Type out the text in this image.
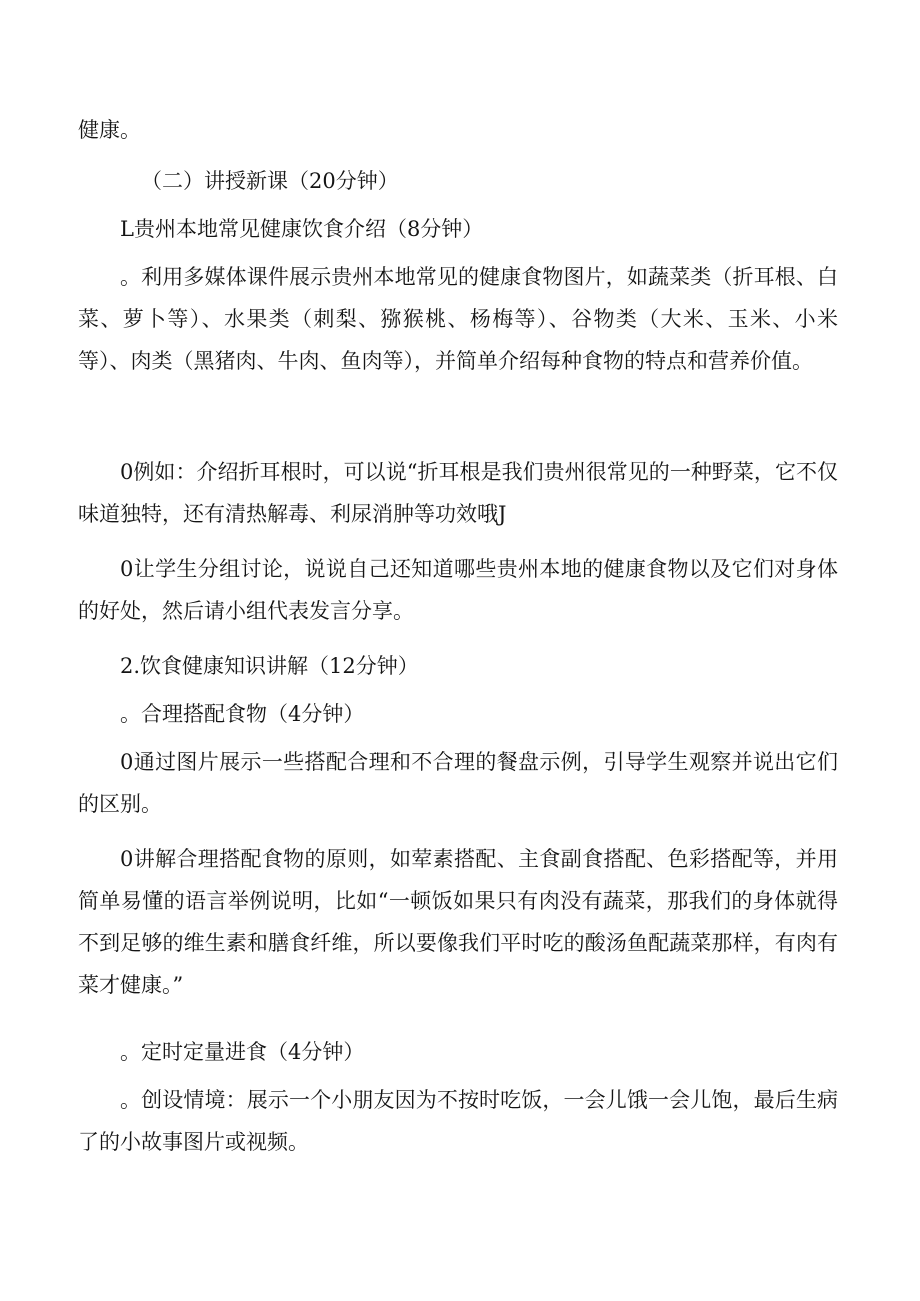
健康。

（二）讲授新课（20分钟）

L贵州本地常见健康饮食介绍（8分钟）

。利用多媒体课件展示贵州本地常见的健康食物图片，如蔬菜类（折耳根、白菜、萝卜等）、水果类（刺梨、猕猴桃、杨梅等）、谷物类（大米、玉米、小米等）、肉类（黑猪肉、牛肉、鱼肉等），并简单介绍每种食物的特点和营养价值。

0例如：介绍折耳根时，可以说“折耳根是我们贵州很常见的一种野菜，它不仅味道独特，还有清热解毒、利尿消肿等功效哦J

0让学生分组讨论，说说自己还知道哪些贵州本地的健康食物以及它们对身体的好处，然后请小组代表发言分享。

2.饮食健康知识讲解（12分钟）

。合理搭配食物（4分钟）

0通过图片展示一些搭配合理和不合理的餐盘示例，引导学生观察并说出它们的区别。

0讲解合理搭配食物的原则，如荤素搭配、主食副食搭配、色彩搭配等，并用简单易懂的语言举例说明，比如“一顿饭如果只有肉没有蔬菜，那我们的身体就得不到足够的维生素和膳食纤维，所以要像我们平时吃的酸汤鱼配蔬菜那样，有肉有菜才健康。”

。定时定量进食（4分钟）

。创设情境：展示一个小朋友因为不按时吃饭，一会儿饿一会儿饱，最后生病了的小故事图片或视频。
